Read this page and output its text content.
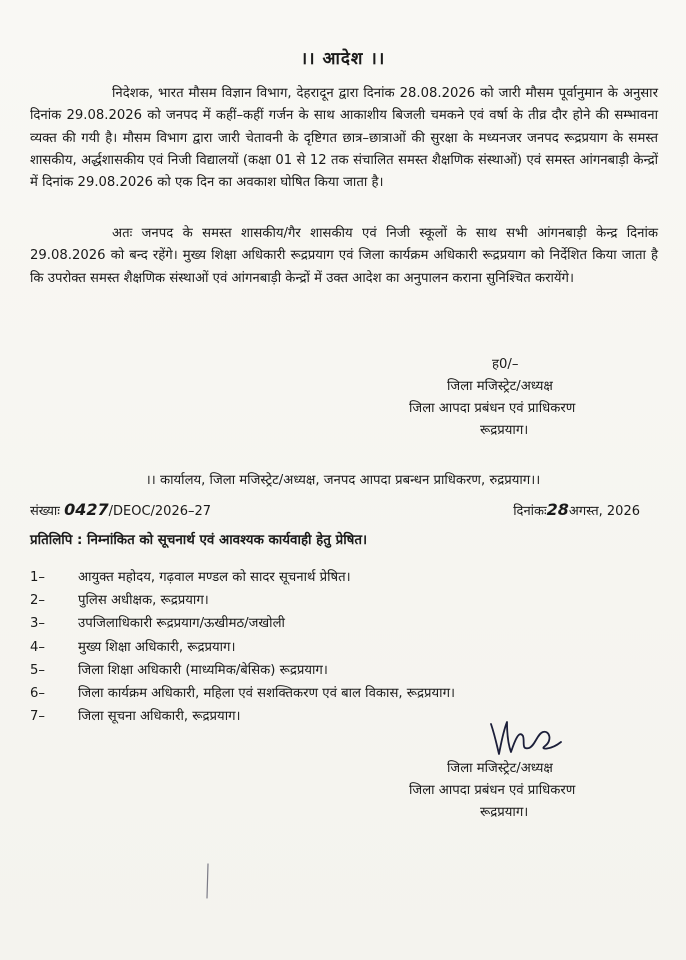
।। आदेश ।।
निदेशक, भारत मौसम विज्ञान विभाग, देहरादून द्वारा दिनांक 28.08.2026 को जारी मौसम पूर्वानुमान के अनुसार दिनांक 29.08.2026 को जनपद में कहीं–कहीं गर्जन के साथ आकाशीय बिजली चमकने एवं वर्षा के तीव्र दौर होने की सम्भावना व्यक्त की गयी है। मौसम विभाग द्वारा जारी चेतावनी के दृष्टिगत छात्र–छात्राओं की सुरक्षा के मध्यनजर जनपद रूद्रप्रयाग के समस्त शासकीय, अर्द्धशासकीय एवं निजी विद्यालयों (कक्षा 01 से 12 तक संचालित समस्त शैक्षणिक संस्थाओं) एवं समस्त आंगनबाड़ी केन्द्रों में दिनांक 29.08.2026 को एक दिन का अवकाश घोषित किया जाता है।
अतः जनपद के समस्त शासकीय/गैर शासकीय एवं निजी स्कूलों के साथ सभी आंगनबाड़ी केन्द्र दिनांक 29.08.2026 को बन्द रहेंगे। मुख्य शिक्षा अधिकारी रूद्रप्रयाग एवं जिला कार्यक्रम अधिकारी रूद्रप्रयाग को निर्देशित किया जाता है कि उपरोक्त समस्त शैक्षणिक संस्थाओं एवं आंगनबाड़ी केन्द्रों में उक्त आदेश का अनुपालन कराना सुनिश्चित करायेंगे।
ह0/–
जिला मजिस्ट्रेट/अध्यक्ष
जिला आपदा प्रबंधन एवं प्राधिकरण
रूद्रप्रयाग।
।। कार्यालय, जिला मजिस्ट्रेट/अध्यक्ष, जनपद आपदा प्रबन्धन प्राधिकरण, रुद्रप्रयाग।।
संख्याः 0427/DEOC/2026–27	दिनांकः28अगस्त, 2026
प्रतिलिपि : निम्नांकित को सूचनार्थ एवं आवश्यक कार्यवाही हेतु प्रेषित।
1–	आयुक्त महोदय, गढ़वाल मण्डल को सादर सूचनार्थ प्रेषित।
2–	पुलिस अधीक्षक, रूद्रप्रयाग।
3–	उपजिलाधिकारी रूद्रप्रयाग/ऊखीमठ/जखोली
4–	मुख्य शिक्षा अधिकारी, रूद्रप्रयाग।
5–	जिला शिक्षा अधिकारी (माध्यमिक/बेसिक) रूद्रप्रयाग।
6–	जिला कार्यक्रम अधिकारी, महिला एवं सशक्तिकरण एवं बाल विकास, रूद्रप्रयाग।
7–	जिला सूचना अधिकारी, रूद्रप्रयाग।
जिला मजिस्ट्रेट/अध्यक्ष
जिला आपदा प्रबंधन एवं प्राधिकरण
रूद्रप्रयाग।
